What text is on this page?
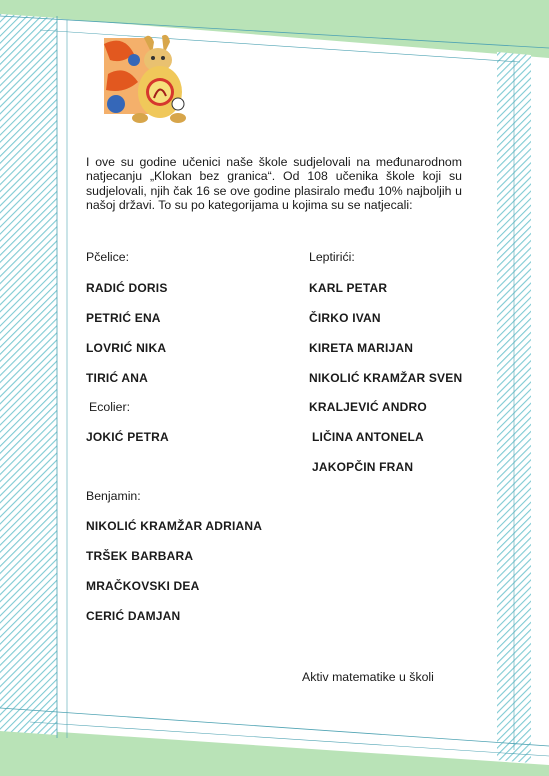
I ove su godine učenici naše škole sudjelovali na međunarodnom natjecanju „Klokan bez granica“. Od 108 učenika škole koji su sudjelovali, njih čak 16 se ove godine plasiralo među 10% najboljih u našoj državi. To su po kategorijama u kojima su se natjecali:

Pčelice:
RADIĆ DORIS
PETRIĆ ENA
LOVRIĆ NIKA
TIRIĆ ANA
Ecolier:
JOKIĆ PETRA
Leptirići:
KARL PETAR
ČIRKO IVAN
KIRETA MARIJAN
NIKOLIĆ KRAMŽAR SVEN
KRALJEVIĆ ANDRO
LIČINA ANTONELA
JAKOPČIN FRAN
Benjamin:
NIKOLIĆ KRAMŽAR ADRIANA
TRŠEK BARBARA
MRAČKOVSKI DEA
CERIĆ DAMJAN
Aktiv matematike u školi
